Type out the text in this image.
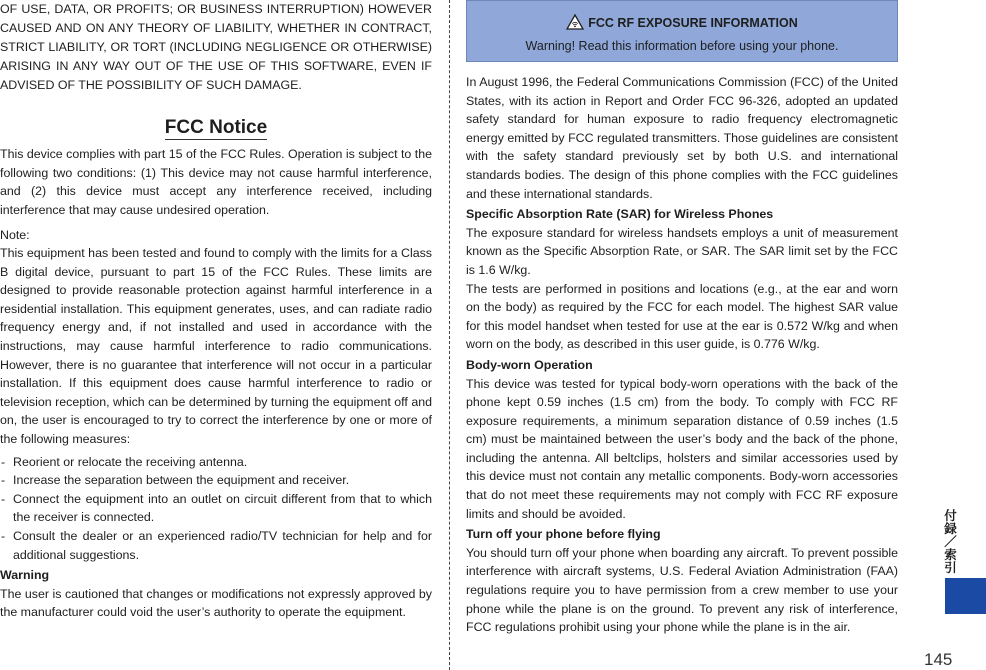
OF USE, DATA, OR PROFITS; OR BUSINESS INTERRUPTION) HOWEVER CAUSED AND ON ANY THEORY OF LIABILITY, WHETHER IN CONTRACT, STRICT LIABILITY, OR TORT (INCLUDING NEGLIGENCE OR OTHERWISE) ARISING IN ANY WAY OUT OF THE USE OF THIS SOFTWARE, EVEN IF ADVISED OF THE POSSIBILITY OF SUCH DAMAGE.

FCC Notice

This device complies with part 15 of the FCC Rules. Operation is subject to the following two conditions: (1) This device may not cause harmful interference, and (2) this device must accept any interference received, including interference that may cause undesired operation.

Note:

This equipment has been tested and found to comply with the limits for a Class B digital device, pursuant to part 15 of the FCC Rules. These limits are designed to provide reasonable protection against harmful interference in a residential installation. This equipment generates, uses, and can radiate radio frequency energy and, if not installed and used in accordance with the instructions, may cause harmful interference to radio communications. However, there is no guarantee that interference will not occur in a particular installation. If this equipment does cause harmful interference to radio or television reception, which can be determined by turning the equipment off and on, the user is encouraged to try to correct the interference by one or more of the following measures:

- Reorient or relocate the receiving antenna.
- Increase the separation between the equipment and receiver.
- Connect the equipment into an outlet on circuit different from that to which the receiver is connected.
- Consult the dealer or an experienced radio/TV technician for help and for additional suggestions.

Warning

The user is cautioned that changes or modifications not expressly approved by the manufacturer could void the user’s authority to operate the equipment.

FCC RF EXPOSURE INFORMATION
Warning! Read this information before using your phone.

In August 1996, the Federal Communications Commission (FCC) of the United States, with its action in Report and Order FCC 96-326, adopted an updated safety standard for human exposure to radio frequency electromagnetic energy emitted by FCC regulated transmitters. Those guidelines are consistent with the safety standard previously set by both U.S. and international standards bodies. The design of this phone complies with the FCC guidelines and these international standards.

Specific Absorption Rate (SAR) for Wireless Phones

The exposure standard for wireless handsets employs a unit of measurement known as the Specific Absorption Rate, or SAR. The SAR limit set by the FCC is 1.6 W/kg.

The tests are performed in positions and locations (e.g., at the ear and worn on the body) as required by the FCC for each model. The highest SAR value for this model handset when tested for use at the ear is 0.572 W/kg and when worn on the body, as described in this user guide, is 0.776 W/kg.

Body-worn Operation

This device was tested for typical body-worn operations with the back of the phone kept 0.59 inches (1.5 cm) from the body. To comply with FCC RF exposure requirements, a minimum separation distance of 0.59 inches (1.5 cm) must be maintained between the user’s body and the back of the phone, including the antenna. All beltclips, holsters and similar accessories used by this device must not contain any metallic components. Body-worn accessories that do not meet these requirements may not comply with FCC RF exposure limits and should be avoided.

Turn off your phone before flying

You should turn off your phone when boarding any aircraft. To prevent possible interference with aircraft systems, U.S. Federal Aviation Administration (FAA) regulations require you to have permission from a crew member to use your phone while the plane is on the ground. To prevent any risk of interference, FCC regulations prohibit using your phone while the plane is in the air.

付
録
／
索
引
145
